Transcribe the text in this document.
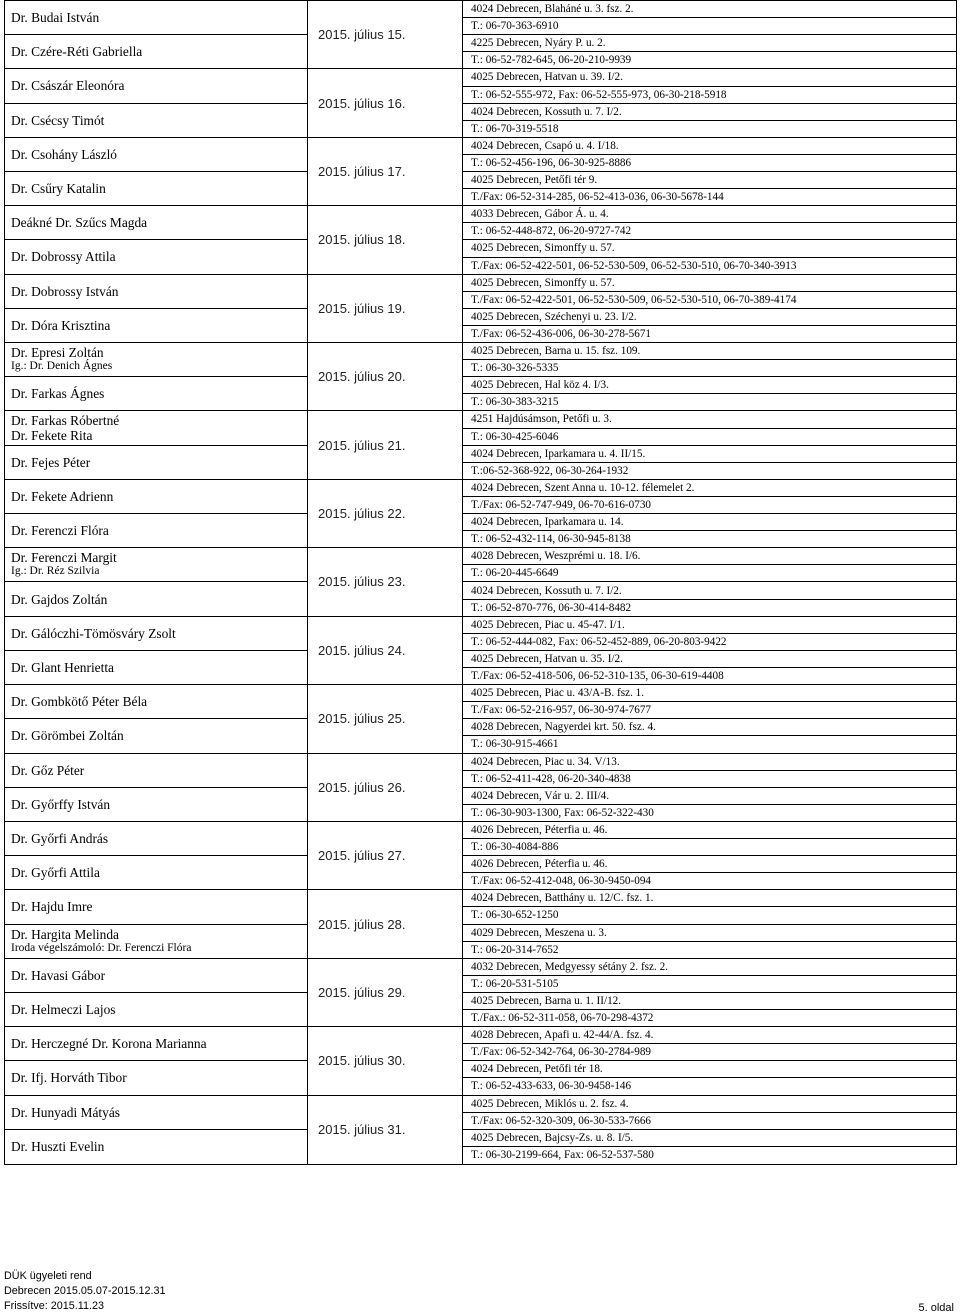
Dr. Budai István
Dr. Czére-Réti Gabriella
Dr. Császár Eleonóra
Dr. Csécsy Timót
Dr. Csohány László
Dr. Csűry Katalin
Deákné Dr. Szűcs Magda
Dr. Dobrossy Attila
Dr. Dobrossy István
Dr. Dóra Krisztina
Dr. Epresi Zoltán
Ig.: Dr. Denich Ágnes
Dr. Farkas Ágnes
Dr. Farkas Róbertné
Dr. Fekete Rita
Dr. Fejes Péter
Dr. Fekete Adrienn
Dr. Ferenczi Flóra
Dr. Ferenczi Margit
Ig.: Dr. Réz Szilvia
Dr. Gajdos Zoltán
Dr. Gálóczhi-Tömösváry Zsolt
Dr. Glant Henrietta
Dr. Gombkötő Péter Béla
Dr. Görömbei Zoltán
Dr. Gőz Péter
Dr. Győrffy István
Dr. Győrfi András
Dr. Győrfi Attila
Dr. Hajdu Imre
Dr. Hargita Melinda
Iroda végelszámoló: Dr. Ferenczi Flóra
Dr. Havasi Gábor
Dr. Helmeczi Lajos
Dr. Herczegné Dr. Korona Marianna
Dr. Ifj. Horváth Tibor
Dr. Hunyadi Mátyás
Dr. Huszti Evelin
2015. július 15.
2015. július 16.
2015. július 17.
2015. július 18.
2015. július 19.
2015. július 20.
2015. július 21.
2015. július 22.
2015. július 23.
2015. július 24.
2015. július 25.
2015. július 26.
2015. július 27.
2015. július 28.
2015. július 29.
2015. július 30.
2015. július 31.
4024 Debrecen, Blaháné u. 3. fsz. 2.
T.: 06-70-363-6910
4225 Debrecen, Nyáry P. u. 2.
T.: 06-52-782-645, 06-20-210-9939
4025 Debrecen, Hatvan u. 39. I/2.
T.: 06-52-555-972, Fax: 06-52-555-973, 06-30-218-5918
4024 Debrecen, Kossuth u. 7. I/2.
T.: 06-70-319-5518
4024 Debrecen, Csapó u. 4. I/18.
T.: 06-52-456-196, 06-30-925-8886
4025 Debrecen, Petőfi tér 9.
T./Fax: 06-52-314-285, 06-52-413-036, 06-30-5678-144
4033 Debrecen, Gábor Á. u. 4.
T.: 06-52-448-872, 06-20-9727-742
4025 Debrecen, Simonffy u. 57.
T./Fax: 06-52-422-501, 06-52-530-509, 06-52-530-510, 06-70-340-3913
4025 Debrecen, Simonffy u. 57.
T./Fax: 06-52-422-501, 06-52-530-509, 06-52-530-510, 06-70-389-4174
4025 Debrecen, Széchenyi u. 23. I/2.
T./Fax: 06-52-436-006, 06-30-278-5671
4025 Debrecen, Barna u. 15. fsz. 109.
T.: 06-30-326-5335
4025 Debrecen, Hal köz 4. I/3.
T.: 06-30-383-3215
4251 Hajdúsámson, Petőfi u. 3.
T.: 06-30-425-6046
4024 Debrecen, Iparkamara u. 4. II/15.
T.:06-52-368-922, 06-30-264-1932
4024 Debrecen, Szent Anna u. 10-12. félemelet 2.
T./Fax: 06-52-747-949, 06-70-616-0730
4024 Debrecen, Iparkamara u. 14.
T.: 06-52-432-114, 06-30-945-8138
4028 Debrecen, Weszprémi u. 18. I/6.
T.: 06-20-445-6649
4024 Debrecen, Kossuth u. 7. I/2.
T.: 06-52-870-776, 06-30-414-8482
4025 Debrecen, Piac u. 45-47. I/1.
T.: 06-52-444-082, Fax: 06-52-452-889, 06-20-803-9422
4025 Debrecen, Hatvan u. 35. I/2.
T./Fax: 06-52-418-506, 06-52-310-135, 06-30-619-4408
4025 Debrecen, Piac u. 43/A-B. fsz. 1.
T./Fax: 06-52-216-957, 06-30-974-7677
4028 Debrecen, Nagyerdei krt. 50. fsz. 4.
T.: 06-30-915-4661
4024 Debrecen, Piac u. 34. V/13.
T.: 06-52-411-428, 06-20-340-4838
4024 Debrecen, Vár u. 2. III/4.
T.: 06-30-903-1300, Fax: 06-52-322-430
4026 Debrecen, Péterfia u. 46.
T.: 06-30-4084-886
4026 Debrecen, Péterfia u. 46.
T./Fax: 06-52-412-048, 06-30-9450-094
4024 Debrecen, Batthány u. 12/C. fsz. 1.
T.: 06-30-652-1250
4029 Debrecen, Meszena u. 3.
T.: 06-20-314-7652
4032 Debrecen, Medgyessy sétány 2. fsz. 2.
T.: 06-20-531-5105
4025 Debrecen, Barna u. 1. II/12.
T./Fax.: 06-52-311-058, 06-70-298-4372
4028 Debrecen, Apafi u. 42-44/A. fsz. 4.
T./Fax: 06-52-342-764, 06-30-2784-989
4024 Debrecen, Petőfi tér 18.
T.: 06-52-433-633, 06-30-9458-146
4025 Debrecen, Miklós u. 2. fsz. 4.
T./Fax: 06-52-320-309, 06-30-533-7666
4025 Debrecen, Bajcsy-Zs. u. 8. I/5.
T.: 06-30-2199-664, Fax: 06-52-537-580
DÜK ügyeleti rend
Debrecen 2015.05.07-2015.12.31
Frissítve: 2015.11.23	5. oldal
